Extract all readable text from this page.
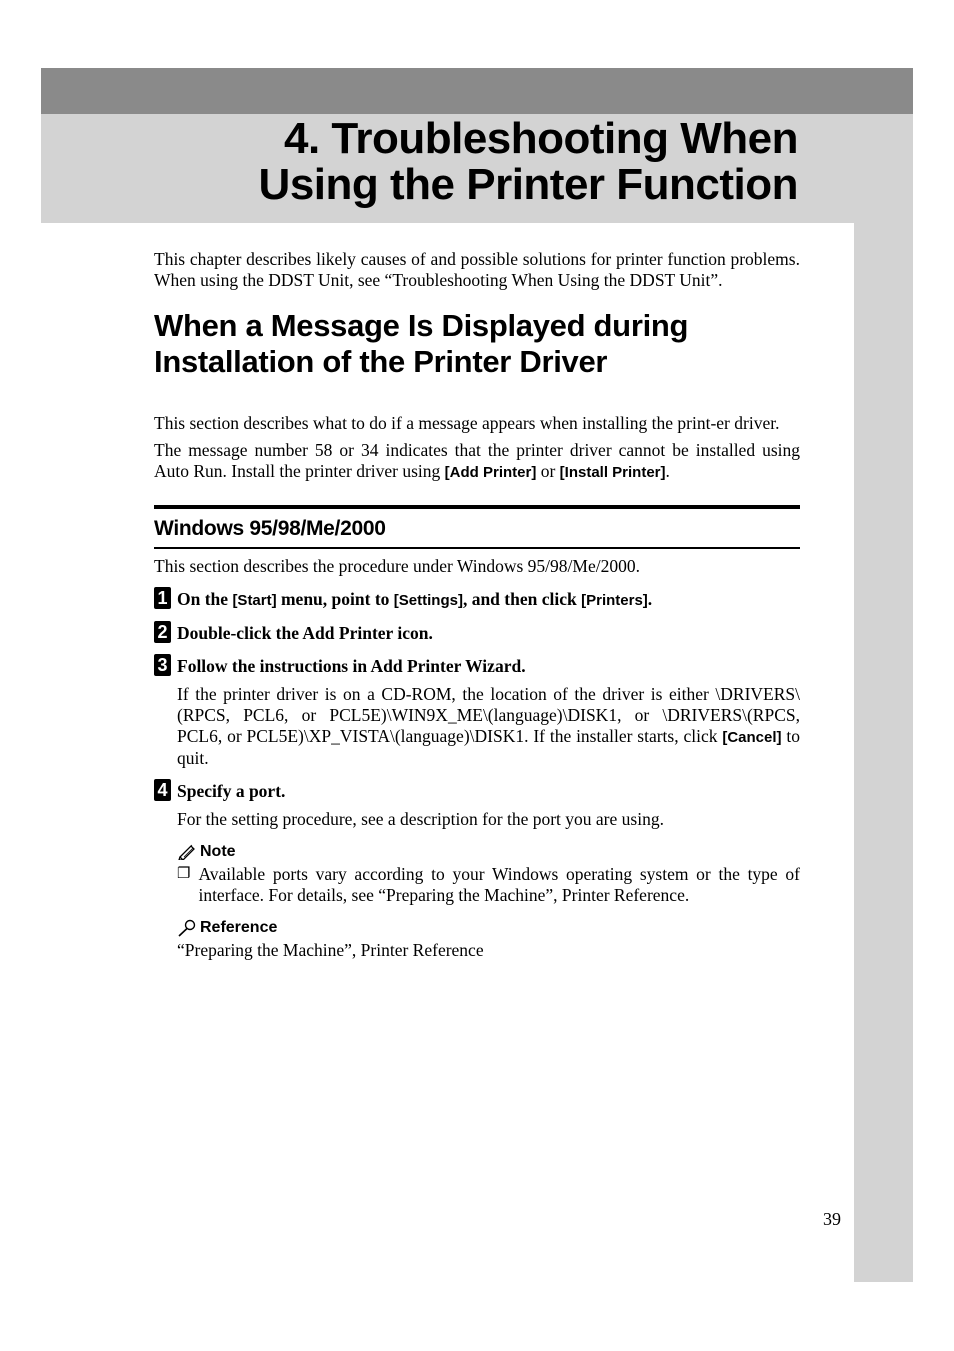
4. Troubleshooting When
Using the Printer Function

This chapter describes likely causes of and possible solutions for printer function problems. When using the DDST Unit, see “Troubleshooting When Using the DDST Unit”.

When a Message Is Displayed during
Installation of the Printer Driver

This section describes what to do if a message appears when installing the print-er driver.

The message number 58 or 34 indicates that the printer driver cannot be installed using Auto Run. Install the printer driver using [Add Printer] or [Install Printer].

Windows 95/98/Me/2000

This section describes the procedure under Windows 95/98/Me/2000.

1 On the [Start] menu, point to [Settings], and then click [Printers].
2 Double-click the Add Printer icon.
3 Follow the instructions in Add Printer Wizard.

If the printer driver is on a CD-ROM, the location of the driver is either \DRIVERS\(RPCS, PCL6, or PCL5E)\WIN9X_ME\(language)\DISK1, or \DRIVERS\(RPCS, PCL6, or PCL5E)\XP_VISTA\(language)\DISK1. If the installer starts, click [Cancel] to quit.

4 Specify a port.

For the setting procedure, see a description for the port you are using.

Note
❐ Available ports vary according to your Windows operating system or the type of interface. For details, see “Preparing the Machine”, Printer Reference.

Reference

“Preparing the Machine”, Printer Reference

39
